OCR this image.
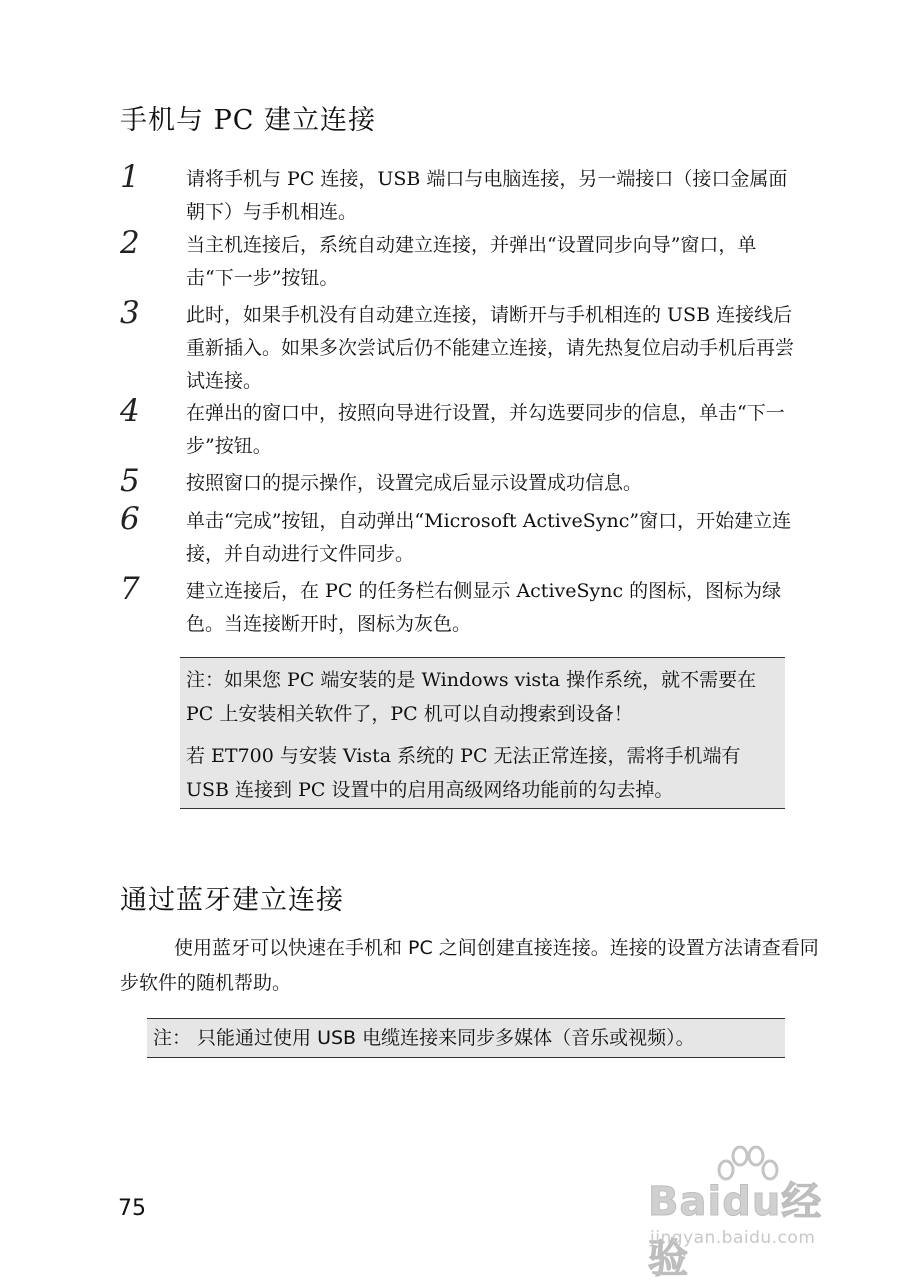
手机与 PC 建立连接
1 请将手机与 PC 连接，USB 端口与电脑连接，另一端接口（接口金属面朝下）与手机相连。
2 当主机连接后，系统自动建立连接，并弹出“设置同步向导”窗口，单击“下一步”按钮。
3 此时，如果手机没有自动建立连接，请断开与手机相连的 USB 连接线后重新插入。如果多次尝试后仍不能建立连接，请先热复位启动手机后再尝试连接。
4 在弹出的窗口中，按照向导进行设置，并勾选要同步的信息，单击“下一步”按钮。
5 按照窗口的提示操作，设置完成后显示设置成功信息。
6 单击“完成”按钮，自动弹出“Microsoft ActiveSync”窗口，开始建立连接，并自动进行文件同步。
7 建立连接后，在 PC 的任务栏右侧显示 ActiveSync 的图标，图标为绿色。当连接断开时，图标为灰色。

注：如果您 PC 端安装的是 Windows vista 操作系统，就不需要在 PC 上安装相关软件了，PC 机可以自动搜索到设备！

若 ET700 与安装 Vista 系统的 PC 无法正常连接，需将手机端有 USB 连接到 PC 设置中的启用高级网络功能前的勾去掉。

通过蓝牙建立连接

使用蓝牙可以快速在手机和 PC 之间创建直接连接。连接的设置方法请查看同步软件的随机帮助。

注： 只能通过使用 USB 电缆连接来同步多媒体（音乐或视频）。
75	Baidu经验
jingyan.baidu.com
